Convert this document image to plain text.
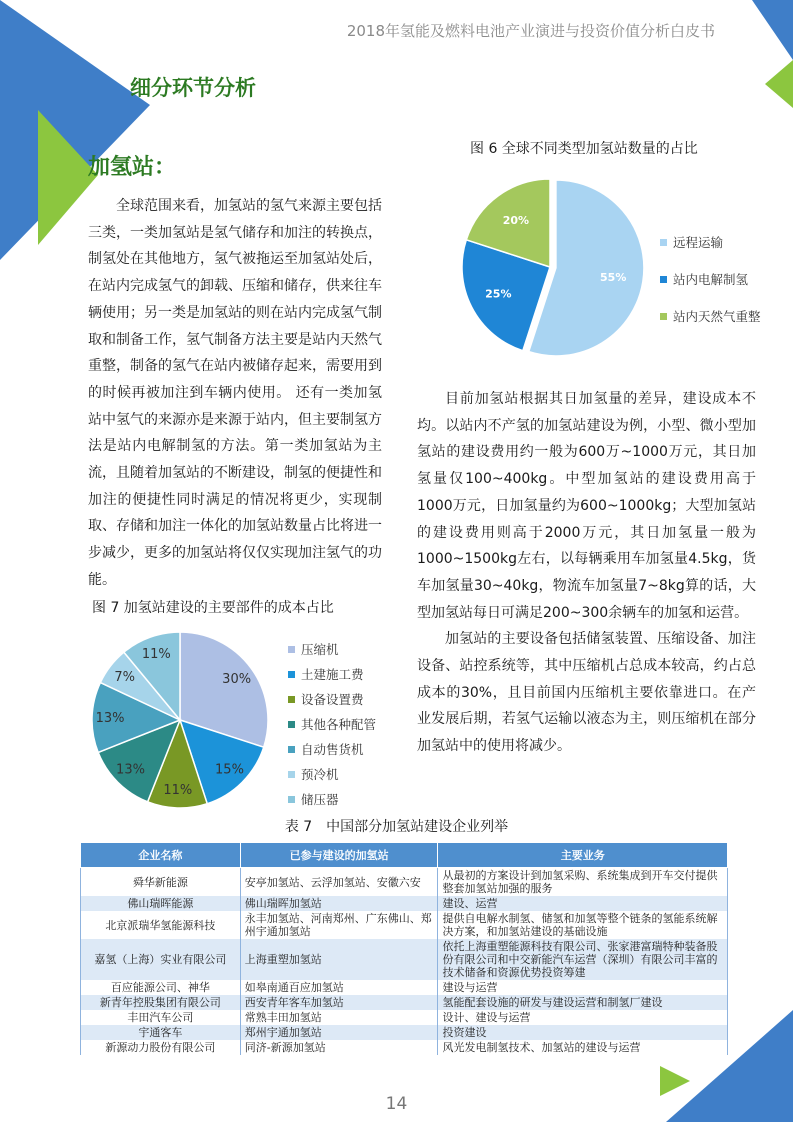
2018年氢能及燃料电池产业演进与投资价值分析白皮书
细分环节分析
加氢站：

全球范围来看，加氢站的氢气来源主要包括三类，一类加氢站是氢气储存和加注的转换点，制氢处在其他地方，氢气被拖运至加氢站处后，在站内完成氢气的卸载、压缩和储存，供来往车辆使用；另一类是加氢站的则在站内完成氢气制取和制备工作，氢气制备方法主要是站内天然气重整，制备的氢气在站内被储存起来，需要用到的时候再被加注到车辆内使用。 还有一类加氢站中氢气的来源亦是来源于站内，但主要制氢方法是站内电解制氢的方法。第一类加氢站为主流，且随着加氢站的不断建设，制氢的便捷性和加注的便捷性同时满足的情况将更少，实现制取、存储和加注一体化的加氢站数量占比将进一步减少，更多的加氢站将仅仅实现加注氢气的功能。

图 6 全球不同类型加氢站数量的占比
55%
25%
20%
远程运输
站内电解制氢
站内天然气重整

目前加氢站根据其日加氢量的差异，建设成本不均。以站内不产氢的加氢站建设为例，小型、微小型加氢站的建设费用约一般为600万~1000万元，其日加氢量仅100~400kg。中型加氢站的建设费用高于1000万元，日加氢量约为600~1000kg；大型加氢站的建设费用则高于2000万元，其日加氢量一般为1000~1500kg左右，以每辆乘用车加氢量4.5kg，货车加氢量30~40kg，物流车加氢量7~8kg算的话，大型加氢站每日可满足200~300余辆车的加氢和运营。

加氢站的主要设备包括储氢装置、压缩设备、加注设备、站控系统等，其中压缩机占总成本较高，约占总成本的30%，且目前国内压缩机主要依靠进口。在产业发展后期，若氢气运输以液态为主，则压缩机在部分加氢站中的使用将减少。

图 7 加氢站建设的主要部件的成本占比
30%
15%
11%
13%
13%
7%
11%	压缩机
土建施工费
设备设置费
其他各种配管
自动售货机
预冷机
储压器
表 7　中国部分加氢站建设企业列举
企业名称	已参与建设的加氢站	主要业务
舜华新能源	安亭加氢站、云浮加氢站、安徽六安	从最初的方案设计到加氢采购、系统集成到开车交付提供整套加氢站加强的服务
佛山瑞晖能源	佛山瑞晖加氢站	建设、运营
北京派瑞华氢能源科技	永丰加氢站、河南郑州、广东佛山、郑州宇通加氢站	提供自电解水制氢、储氢和加氢等整个链条的氢能系统解决方案，和加氢站建设的基础设施
嘉氢（上海）实业有限公司	上海重塑加氢站	依托上海重塑能源科技有限公司、张家港富瑞特种装备股份有限公司和中交新能汽车运营（深圳）有限公司丰富的技术储备和资源优势投资筹建
百应能源公司、神华	如皋南通百应加氢站	建设与运营
新青年控股集团有限公司	西安青年客车加氢站	氢能配套设施的研发与建设运营和制氢厂建设
丰田汽车公司	常熟丰田加氢站	设计、建设与运营
宇通客车	郑州宇通加氢站	投资建设
新源动力股份有限公司	同济-新源加氢站	风光发电制氢技术、加氢站的建设与运营
14
